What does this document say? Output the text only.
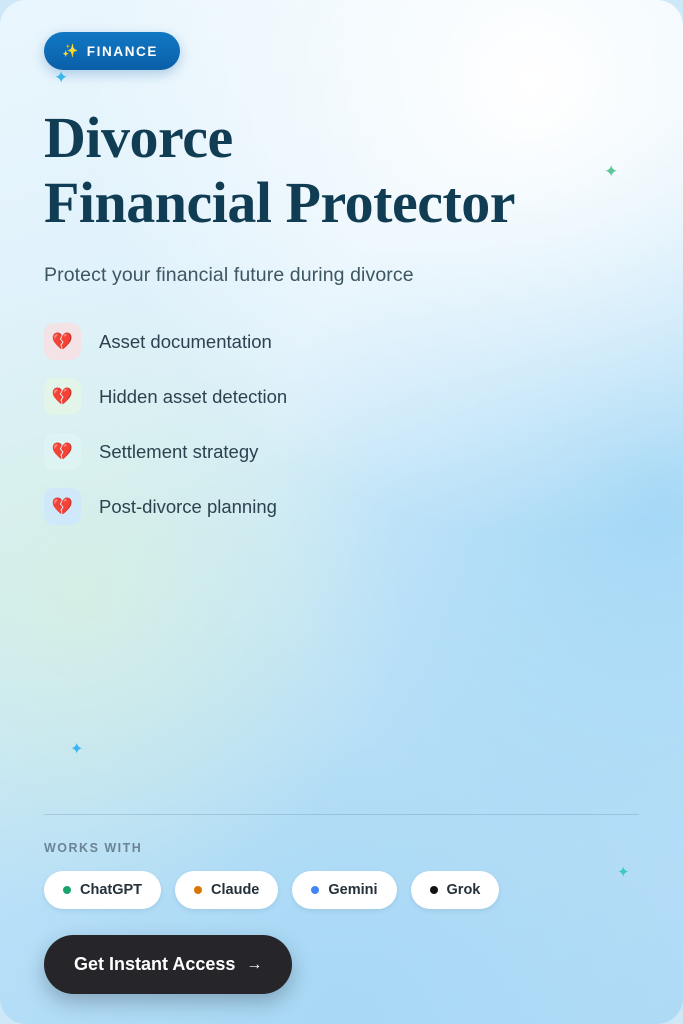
✨ FINANCE
✦
Divorce
Financial Protector

Protect your financial future during divorce

💔	Asset documentation
💔	Hidden asset detection
💔	Settlement strategy
💔	Post-divorce planning
✦
✦
✦
WORKS WITH
ChatGPT	Claude	Gemini	Grok
Get Instant Access →
